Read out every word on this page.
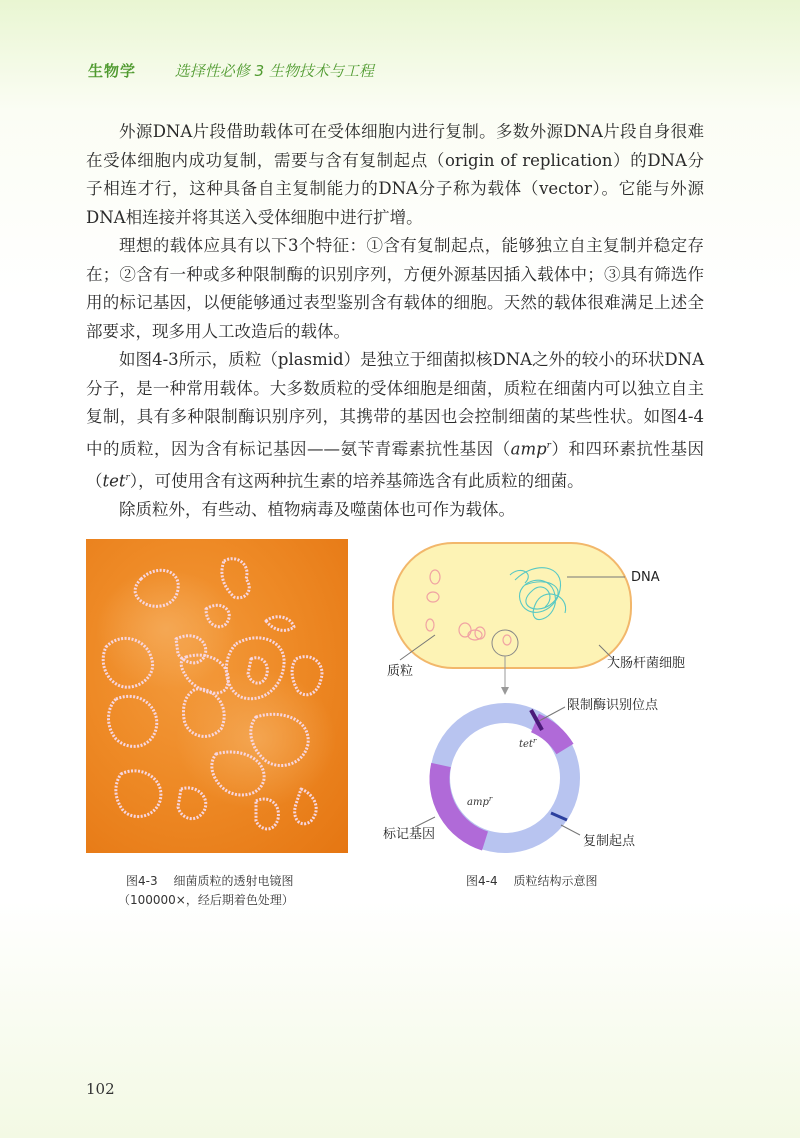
生物学	选择性必修 3 生物技术与工程

外源DNA片段借助载体可在受体细胞内进行复制。多数外源DNA片段自身很难在受体细胞内成功复制，需要与含有复制起点（origin of replication）的DNA分子相连才行，这种具备自主复制能力的DNA分子称为载体（vector）。它能与外源DNA相连接并将其送入受体细胞中进行扩增。

理想的载体应具有以下3个特征：①含有复制起点，能够独立自主复制并稳定存在；②含有一种或多种限制酶的识别序列，方便外源基因插入载体中；③具有筛选作用的标记基因，以便能够通过表型鉴别含有载体的细胞。天然的载体很难满足上述全部要求，现多用人工改造后的载体。

如图4-3所示，质粒（plasmid）是独立于细菌拟核DNA之外的较小的环状DNA分子，是一种常用载体。大多数质粒的受体细胞是细菌，质粒在细菌内可以独立自主复制，具有多种限制酶识别序列，其携带的基因也会控制细菌的某些性状。如图4-4中的质粒，因为含有标记基因——氨苄青霉素抗性基因（amp$^r$）和四环素抗性基因（tet$^r$），可使用含有这两种抗生素的培养基筛选含有此质粒的细菌。

除质粒外，有些动、植物病毒及噬菌体也可作为载体。

DNA
质粒
大肠杆菌细胞
tet$^r$
amp$^r$
限制酶识别位点
标记基因	复制起点
图4-3 细菌质粒的透射电镜图
（100000×，经后期着色处理）
图4-4 质粒结构示意图
102
